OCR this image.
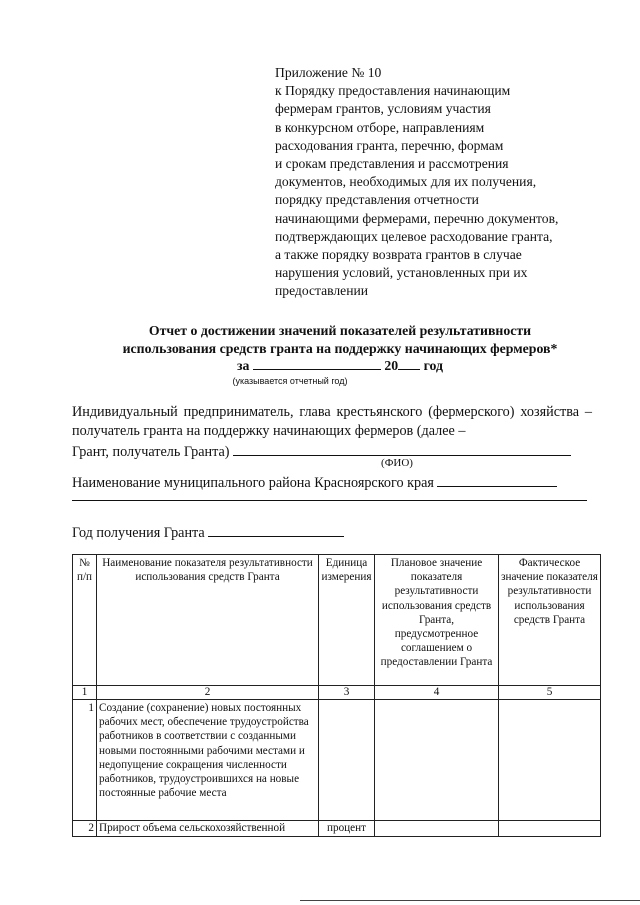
Приложение № 10
к Порядку предоставления начинающим
фермерам грантов, условиям участия
в конкурсном отборе, направлениям
расходования гранта, перечню, формам
и срокам представления и рассмотрения
документов, необходимых для их получения,
порядку представления отчетности
начинающими фермерами, перечню документов,
подтверждающих целевое расходование гранта,
а также порядку возврата грантов в случае
нарушения условий, установленных при их
предоставлении
Отчет о достижении значений показателей результативности
использования средств гранта на поддержку начинающих фермеров*
за	20 год
(указывается отчетный год)
Индивидуальный предприниматель, глава крестьянского (фермерского) хозяйства – получатель гранта на поддержку начинающих фермеров (далее –
Грант, получатель Гранта)
(ФИО)
Наименование муниципального района Красноярского края
Год получения Гранта
№ п/п	Наименование показателя результативности использования средств Гранта	Единица измерения	Плановое значение показателя результативности использования средств Гранта, предусмотренное соглашением о предоставлении Гранта	Фактическое значение показателя результативности использования средств Гранта
1	2	3	4	5
1	Создание (сохранение) новых постоянных рабочих мест, обеспечение трудоустройства работников в соответствии с созданными новыми постоянными рабочими местами и недопущение сокращения численности работников, трудоустроившихся на новые постоянные рабочие места			
2	Прирост объема сельскохозяйственной	процент		
